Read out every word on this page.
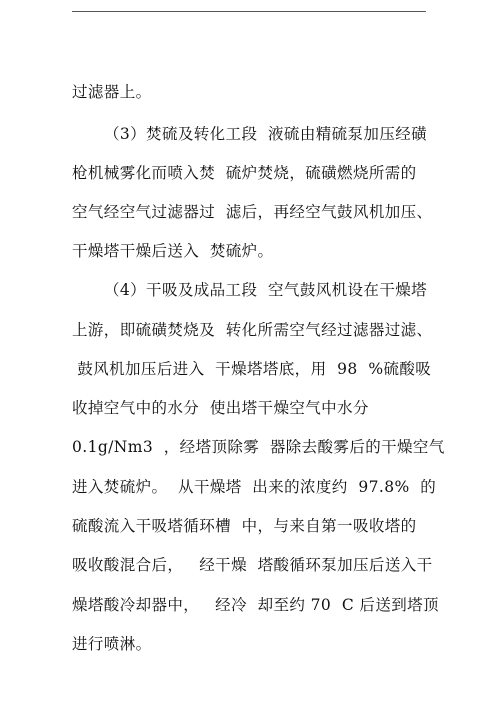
过滤器上。
（3）焚硫及转化工段  液硫由精硫泵加压经磺
枪机械雾化而喷入焚  硫炉焚烧，硫磺燃烧所需的
空气经空气过滤器过  滤后，再经空气鼓风机加压、
干燥塔干燥后送入  焚硫炉。
（4）干吸及成品工段  空气鼓风机设在干燥塔
上游，即硫磺焚烧及  转化所需空气经过滤器过滤、
鼓风机加压后进入  干燥塔塔底，用  98  %硫酸吸
收掉空气中的水分  使出塔干燥空气中水分
0.1g/Nm3  ，经塔顶除雾  器除去酸雾后的干燥空气
进入焚硫炉。  从干燥塔  出来的浓度约  97.8%  的
硫酸流入干吸塔循环槽  中，与来自第一吸收塔的
吸收酸混合后，   经干燥  塔酸循环泵加压后送入干
燥塔酸冷却器中，   经冷  却至约 70  C 后送到塔顶
进行喷淋。
